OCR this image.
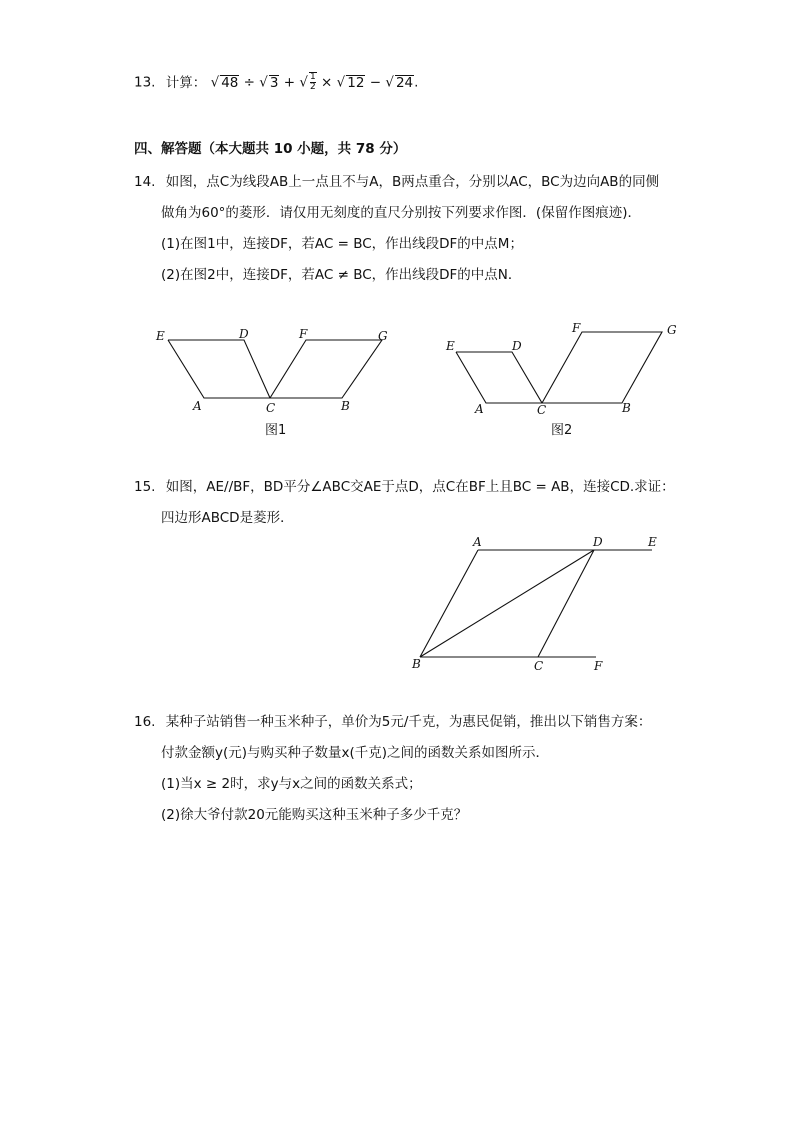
13. 计算： √ 48 ÷ √ 3 + √ $\frac{1}{2}$ × √ 12 − √ 24.
四、解答题（本大题共 10 小题，共 78 分）
14. 如图，点C为线段AB上一点且不与A，B两点重合，分别以AC，BC为边向AB的同侧
做角为60°的菱形．请仅用无刻度的直尺分别按下列要求作图．(保留作图痕迹)．
(1)在图1中，连接DF，若AC = BC，作出线段DF的中点M；
(2)在图2中，连接DF，若AC ≠ BC，作出线段DF的中点N．
E	D	F	G
A	C	B
图1
E	D
F	G
A	C	B
图2
A	D	E
B	C	F
15. 如图，AE//BF，BD平分∠ABC交AE于点D，点C在BF上且BC = AB，连接CD.求证：
四边形ABCD是菱形．
16. 某种子站销售一种玉米种子，单价为5元/千克，为惠民促销，推出以下销售方案：
付款金额y(元)与购买种子数量x(千克)之间的函数关系如图所示．
(1)当x ≥ 2时，求y与x之间的函数关系式；
(2)徐大爷付款20元能购买这种玉米种子多少千克？
